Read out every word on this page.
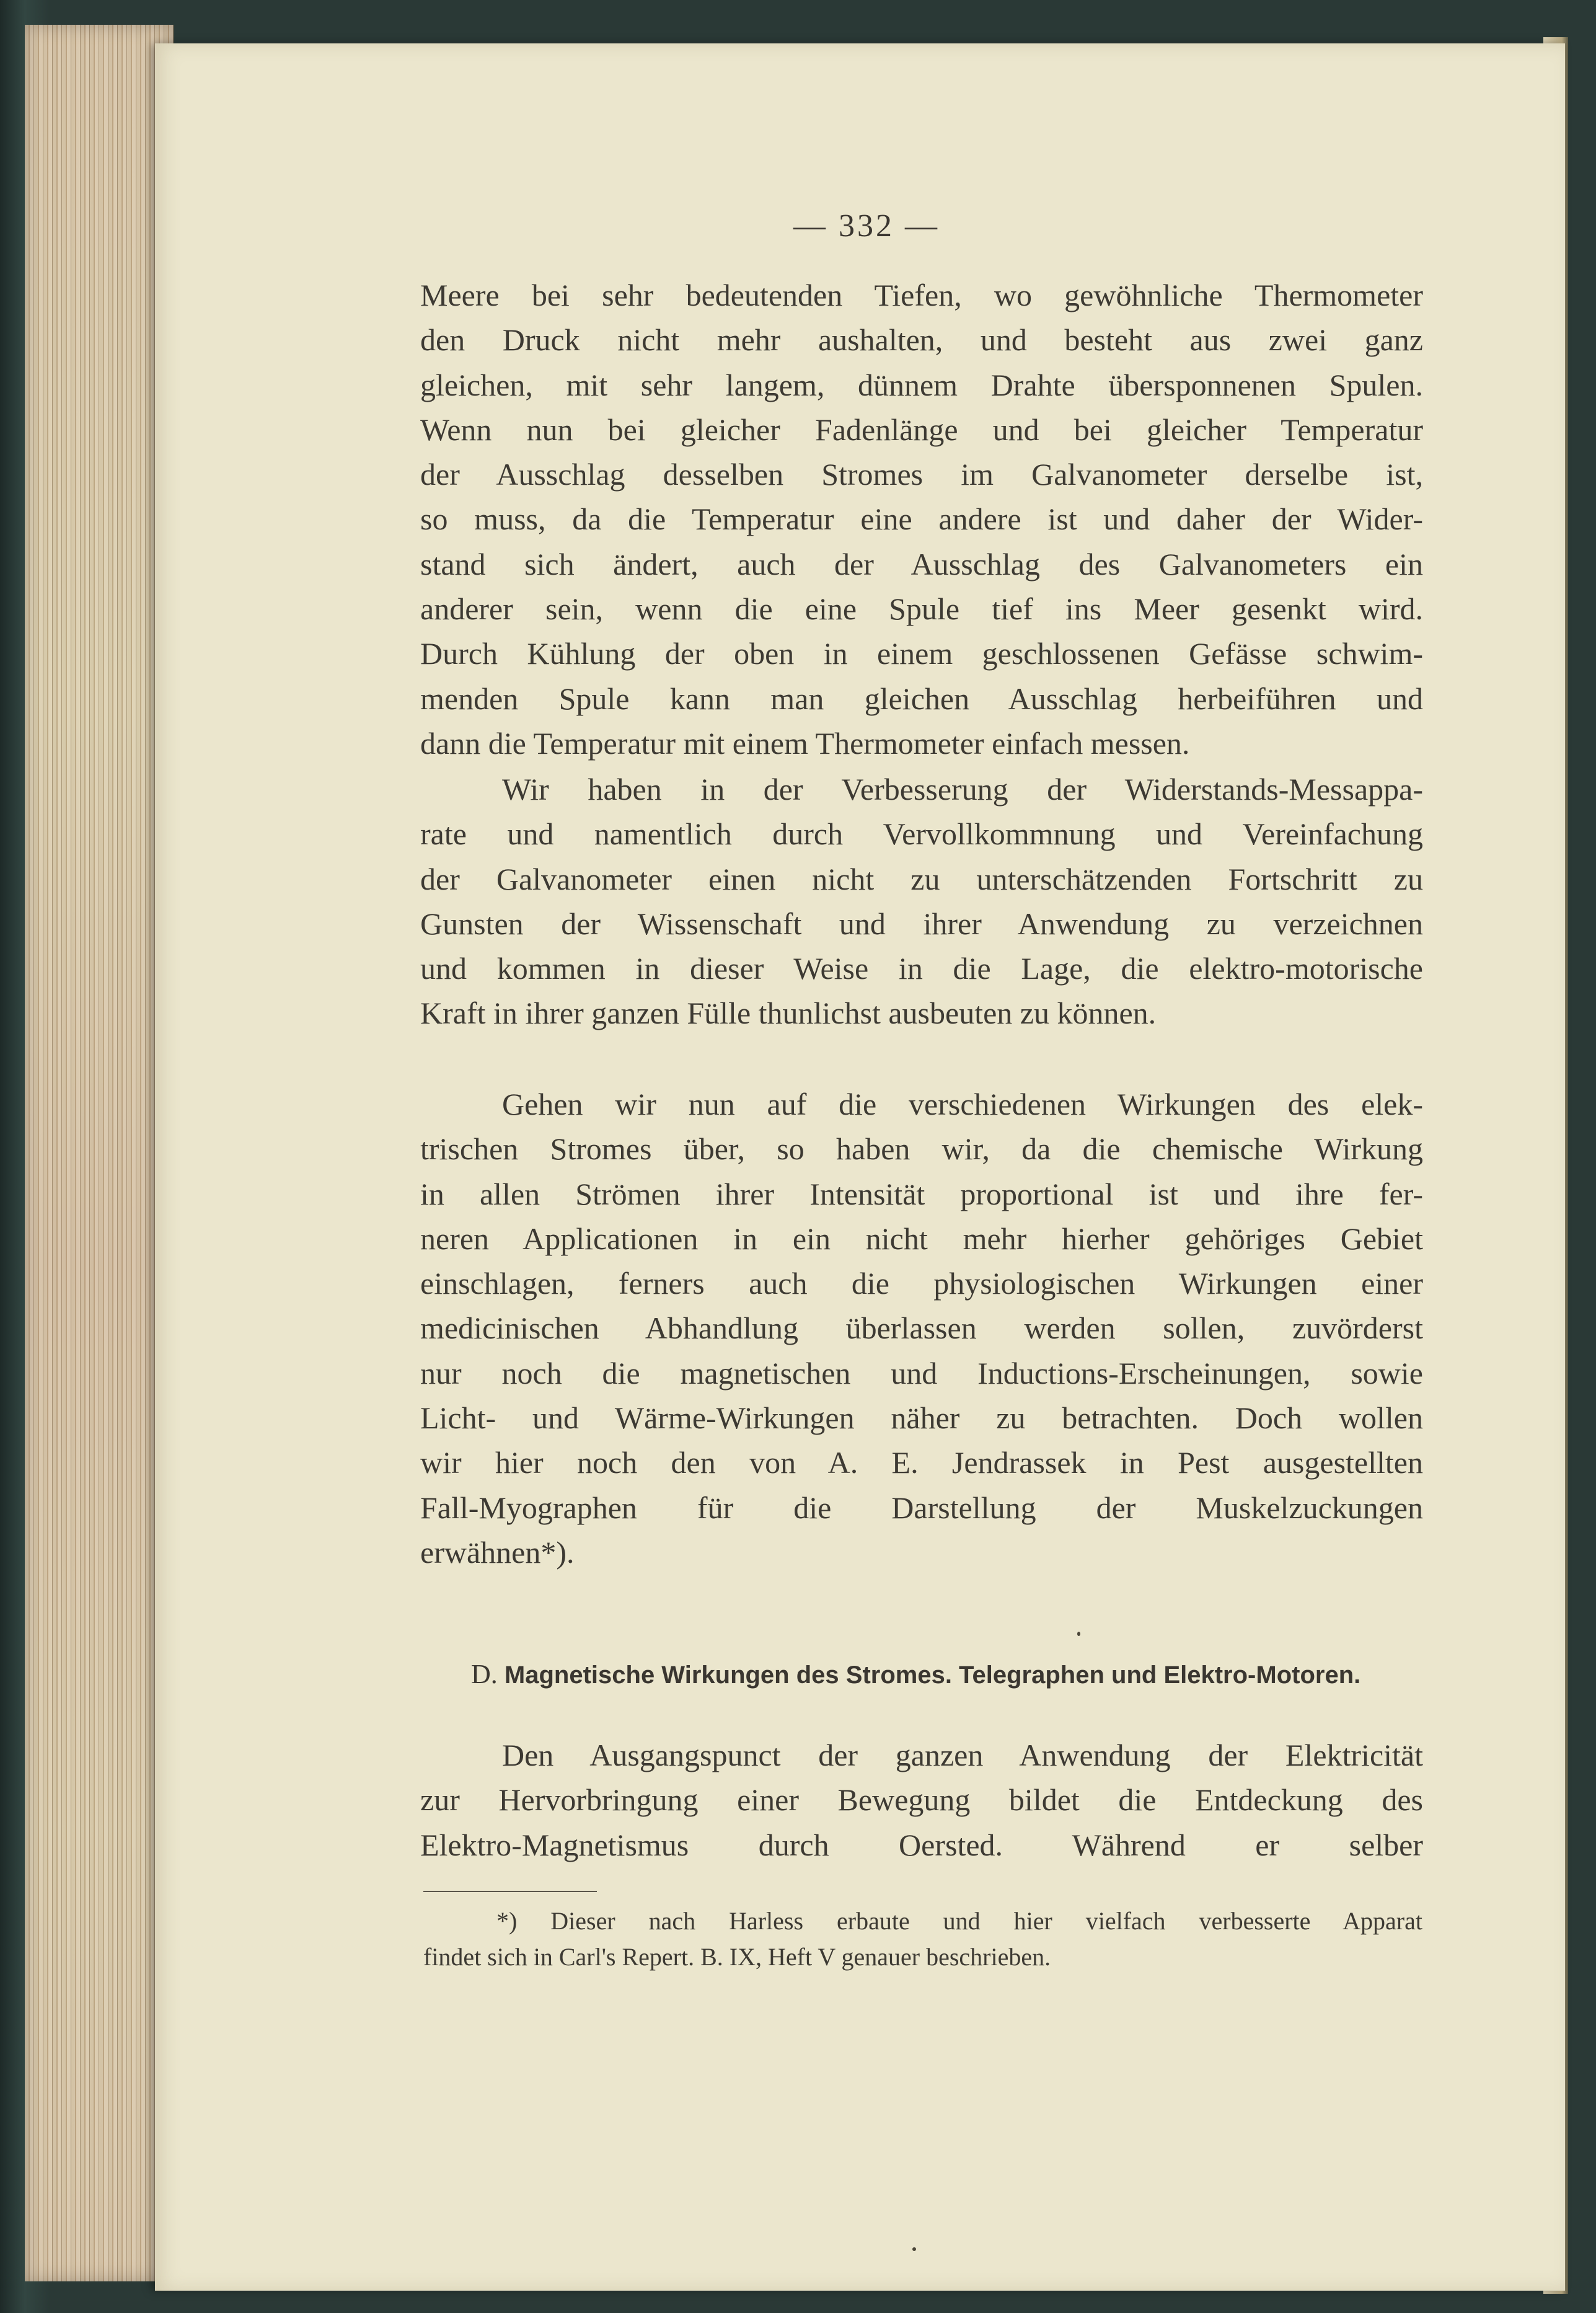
— 332 —
Meere bei sehr bedeutenden Tiefen, wo gewöhnliche Thermometer
den Druck nicht mehr aushalten, und besteht aus zwei ganz
gleichen, mit sehr langem, dünnem Drahte übersponnenen Spulen.
Wenn nun bei gleicher Fadenlänge und bei gleicher Temperatur
der Ausschlag desselben Stromes im Galvanometer derselbe ist,
so muss, da die Temperatur eine andere ist und daher der Wider-
stand sich ändert, auch der Ausschlag des Galvanometers ein
anderer sein, wenn die eine Spule tief ins Meer gesenkt wird.
Durch Kühlung der oben in einem geschlossenen Gefässe schwim-
menden Spule kann man gleichen Ausschlag herbeiführen und
dann die Temperatur mit einem Thermometer einfach messen.
Wir haben in der Verbesserung der Widerstands-Messappa-
rate und namentlich durch Vervollkommnung und Vereinfachung
der Galvanometer einen nicht zu unterschätzenden Fortschritt zu
Gunsten der Wissenschaft und ihrer Anwendung zu verzeichnen
und kommen in dieser Weise in die Lage, die elektro-motorische
Kraft in ihrer ganzen Fülle thunlichst ausbeuten zu können.
Gehen wir nun auf die verschiedenen Wirkungen des elek-
trischen Stromes über, so haben wir, da die chemische Wirkung
in allen Strömen ihrer Intensität proportional ist und ihre fer-
neren Applicationen in ein nicht mehr hierher gehöriges Gebiet
einschlagen, ferners auch die physiologischen Wirkungen einer
medicinischen Abhandlung überlassen werden sollen, zuvörderst
nur noch die magnetischen und Inductions-Erscheinungen, sowie
Licht- und Wärme-Wirkungen näher zu betrachten. Doch wollen
wir hier noch den von A. E. Jendrassek in Pest ausgestellten
Fall-Myographen für die Darstellung der Muskelzuckungen
erwähnen*).
D. Magnetische Wirkungen des Stromes. Telegraphen und Elektro-Motoren.
Den Ausgangspunct der ganzen Anwendung der Elektricität
zur Hervorbringung einer Bewegung bildet die Entdeckung des
Elektro-Magnetismus durch Oersted. Während er selber
*) Dieser nach Harless erbaute und hier vielfach verbesserte Apparat
findet sich in Carl's Repert. B. IX, Heft V genauer beschrieben.
